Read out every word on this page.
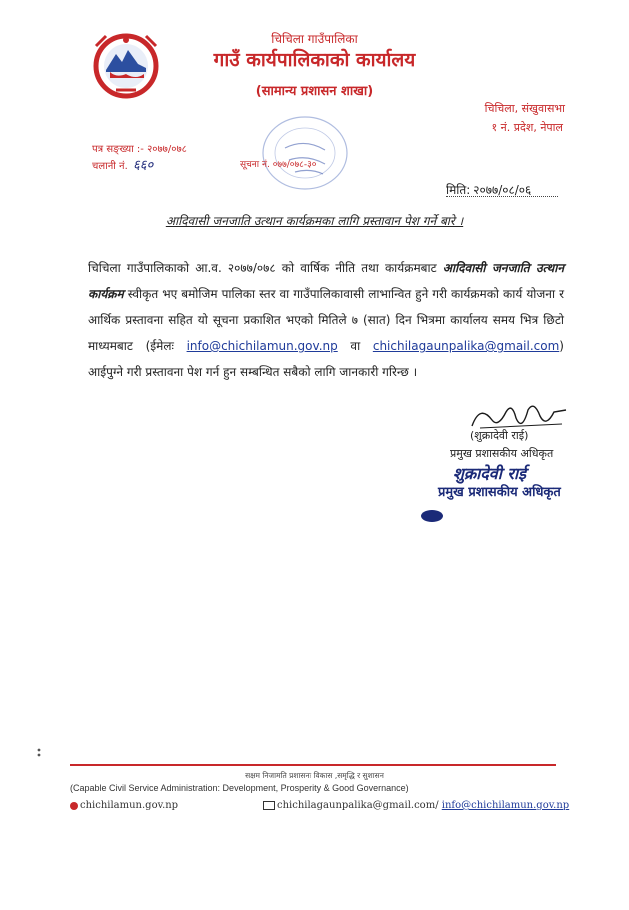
चिचिला गाउँपालिका
गाउँ कार्यपालिकाको कार्यालय
(सामान्य प्रशासन शाखा)
चिचिला, संखुवासभा
१ नं. प्रदेश, नेपाल
पत्र सङ्ख्या :- २०७७/०७८
चलानी नं. ६६०	सूचना नं. ०७७/०७८-३०
मिति: २०७७/०८/०६
आदिवासी जनजाति उत्थान कार्यक्रमका लागि प्रस्तावान पेश गर्ने बारे ।
चिचिला गाउँपालिकाको आ.व. २०७७/०७८ को वार्षिक नीति तथा कार्यक्रमबाट आदिवासी जनजाति उत्थान कार्यक्रम स्वीकृत भए बमोजिम पालिका स्तर वा गाउँपालिकावासी लाभान्वित हुने गरी कार्यक्रमको कार्य योजना र आर्थिक प्रस्तावना सहित यो सूचना प्रकाशित भएको मितिले ७ (सात) दिन भित्रमा कार्यालय समय भित्र छिटो माध्यमबाट (ईमेलः info@chichilamun.gov.np वा chichilagaunpalika@gmail.com) आईपुग्ने गरी प्रस्तावना पेश गर्न हुन सम्बन्धित सबैको लागि जानकारी गरिन्छ ।
(शुक्रादेवी राई)
प्रमुख प्रशासकीय अधिकृत
शुक्रादेवी राई
प्रमुख प्रशासकीय अधिकृत
सक्षम निजामति प्रशासनः विकास ,समृद्धि र सुशासन
(Capable Civil Service Administration: Development, Prosperity & Good Governance)
chichilamun.gov.np	chichilagaunpalika@gmail.com/ info@chichilamun.gov.np
